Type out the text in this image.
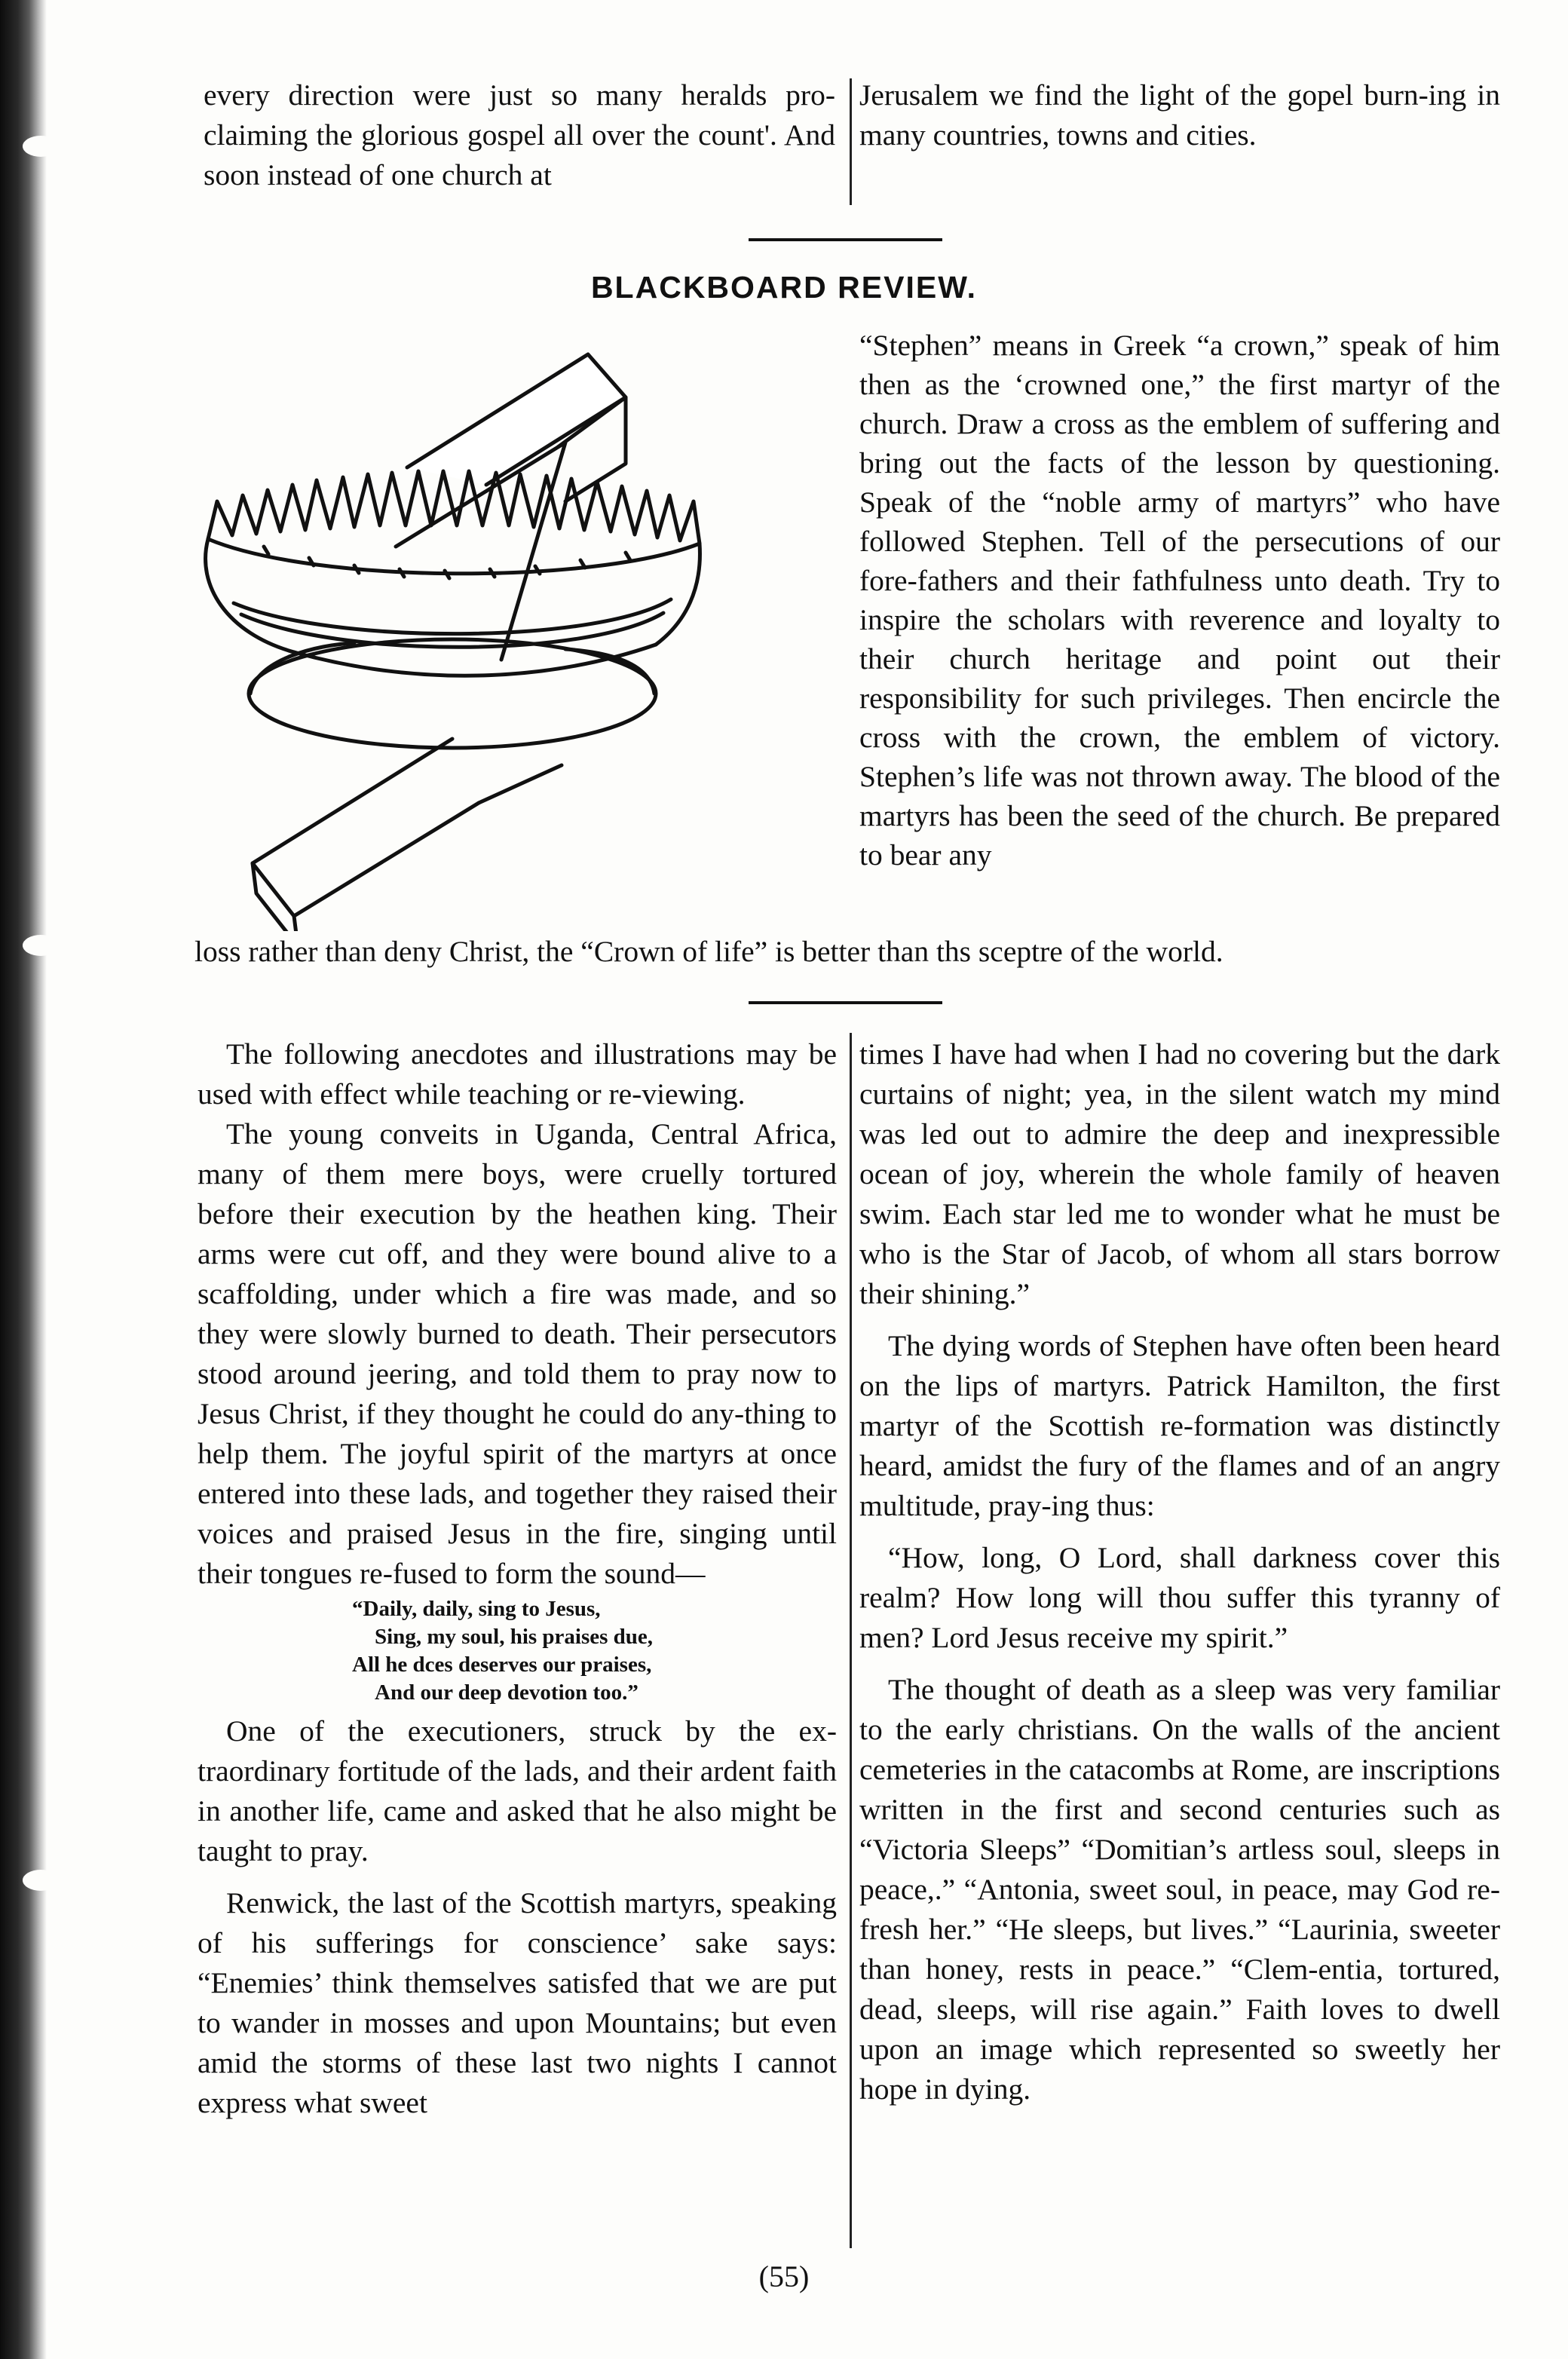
every direction were just so many heralds pro-claiming the glorious gospel all over the count'. And soon instead of one church at

Jerusalem we find the light of the gopel burn-ing in many countries, towns and cities.

BLACKBOARD REVIEW.
“Stephen” means in Greek “a crown,” speak of him then as the ‘crowned one,” the first martyr of the church. Draw a cross as the emblem of suffering and bring out the facts of the lesson by questioning. Speak of the “noble army of martyrs” who have followed Stephen. Tell of the persecutions of our fore-fathers and their fathfulness unto death. Try to inspire the scholars with reverence and loyalty to their church heritage and point out their responsibility for such privileges. Then encircle the cross with the crown, the emblem of victory. Stephen’s life was not thrown away. The blood of the martyrs has been the seed of the church. Be prepared to bear any
loss rather than deny Christ, the “Crown of life” is better than ths sceptre of the world.

The following anecdotes and illustrations may be used with effect while teaching or re-viewing.

The young conveits in Uganda, Central Africa, many of them mere boys, were cruelly tortured before their execution by the heathen king. Their arms were cut off, and they were bound alive to a scaffolding, under which a fire was made, and so they were slowly burned to death. Their persecutors stood around jeering, and told them to pray now to Jesus Christ, if they thought he could do any-thing to help them. The joyful spirit of the martyrs at once entered into these lads, and together they raised their voices and praised Jesus in the fire, singing until their tongues re-fused to form the sound—

“Daily, daily, sing to Jesus,
Sing, my soul, his praises due,
All he dces deserves our praises,
And our deep devotion too.”

One of the executioners, struck by the ex-traordinary fortitude of the lads, and their ardent faith in another life, came and asked that he also might be taught to pray.

Renwick, the last of the Scottish martyrs, speaking of his sufferings for conscience’ sake says: “Enemies’ think themselves satisfed that we are put to wander in mosses and upon Mountains; but even amid the storms of these last two nights I cannot express what sweet

times I have had when I had no covering but the dark curtains of night; yea, in the silent watch my mind was led out to admire the deep and inexpressible ocean of joy, wherein the whole family of heaven swim. Each star led me to wonder what he must be who is the Star of Jacob, of whom all stars borrow their shining.”

The dying words of Stephen have often been heard on the lips of martyrs. Patrick Hamilton, the first martyr of the Scottish re-formation was distinctly heard, amidst the fury of the flames and of an angry multitude, pray-ing thus:

“How, long, O Lord, shall darkness cover this realm? How long will thou suffer this tyranny of men? Lord Jesus receive my spirit.”

The thought of death as a sleep was very familiar to the early christians. On the walls of the ancient cemeteries in the catacombs at Rome, are inscriptions written in the first and second centuries such as “Victoria Sleeps” “Domitian’s artless soul, sleeps in peace,.” “Antonia, sweet soul, in peace, may God re-fresh her.” “He sleeps, but lives.” “Laurinia, sweeter than honey, rests in peace.” “Clem-entia, tortured, dead, sleeps, will rise again.” Faith loves to dwell upon an image which represented so sweetly her hope in dying.

(55)
